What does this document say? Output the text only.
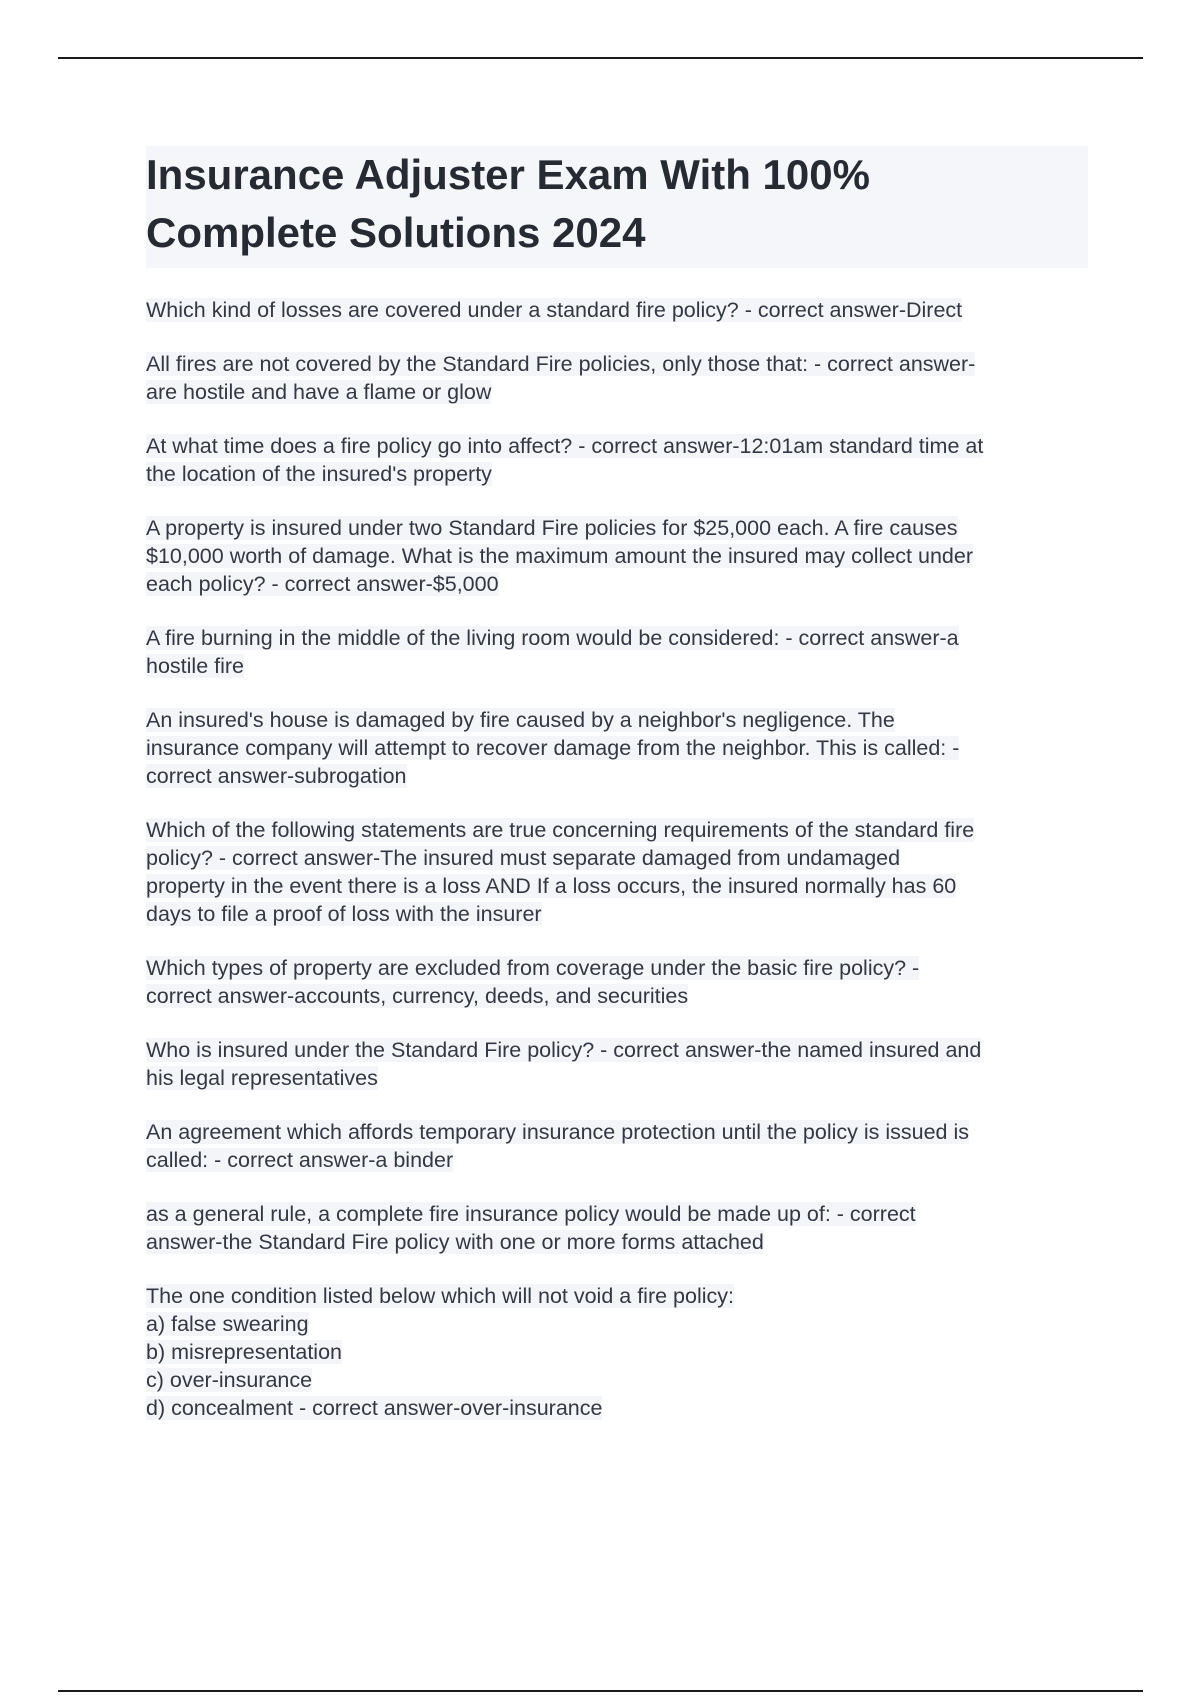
Insurance Adjuster Exam With 100%
Complete Solutions 2024

Which kind of losses are covered under a standard fire policy? - correct answer-Direct

All fires are not covered by the Standard Fire policies, only those that: - correct answer-
are hostile and have a flame or glow

At what time does a fire policy go into affect? - correct answer-12:01am standard time at
the location of the insured's property

A property is insured under two Standard Fire policies for $25,000 each. A fire causes
$10,000 worth of damage. What is the maximum amount the insured may collect under
each policy? - correct answer-$5,000

A fire burning in the middle of the living room would be considered: - correct answer-a
hostile fire

An insured's house is damaged by fire caused by a neighbor's negligence. The
insurance company will attempt to recover damage from the neighbor. This is called: -
correct answer-subrogation

Which of the following statements are true concerning requirements of the standard fire
policy? - correct answer-The insured must separate damaged from undamaged
property in the event there is a loss AND If a loss occurs, the insured normally has 60
days to file a proof of loss with the insurer

Which types of property are excluded from coverage under the basic fire policy? -
correct answer-accounts, currency, deeds, and securities

Who is insured under the Standard Fire policy? - correct answer-the named insured and
his legal representatives

An agreement which affords temporary insurance protection until the policy is issued is
called: - correct answer-a binder

as a general rule, a complete fire insurance policy would be made up of: - correct
answer-the Standard Fire policy with one or more forms attached

The one condition listed below which will not void a fire policy:
a) false swearing
b) misrepresentation
c) over-insurance
d) concealment - correct answer-over-insurance
